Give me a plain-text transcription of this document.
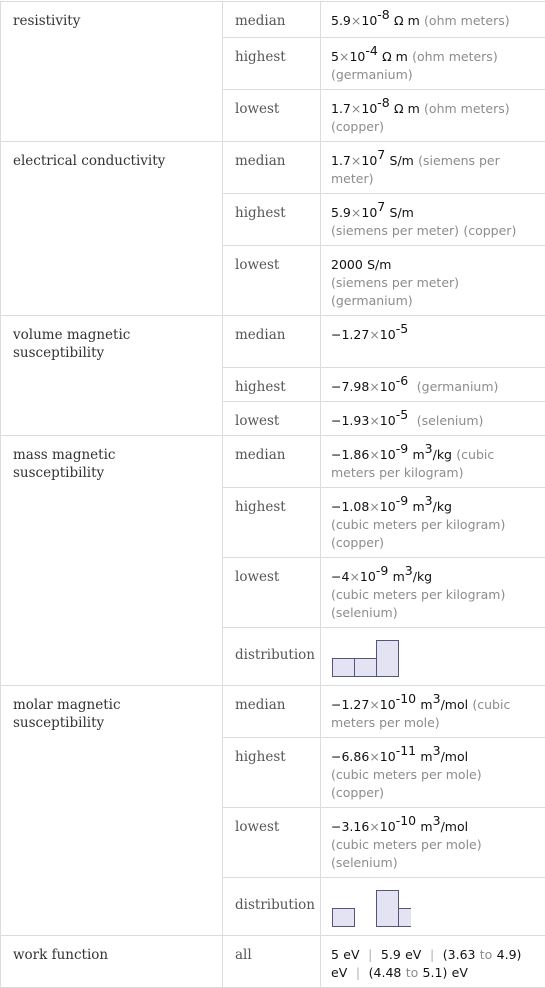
resistivity	median	$5.9\times 10^{-8}$ Ω m (ohm meters)
	highest	$5\times 10^{-4}$ Ω m (ohm meters) (germanium)
	lowest	$1.7\times 10^{-8}$ Ω m (ohm meters) (copper)
electrical conductivity	median	$1.7\times 10^7$ S/m (siemens per meter)
	highest	$5.9\times 10^7$ S/m
(siemens per meter) (copper)
	lowest	2000 S/m
(siemens per meter) (germanium)
volume magnetic susceptibility	median	$-1.27\times 10^{-5}$
	highest	$-7.98\times 10^{-6}$ (germanium)
	lowest	$-1.93\times 10^{-5}$ (selenium)
mass magnetic susceptibility	median	$-1.86\times 10^{-9}$ $m^3/kg$ (cubic meters per kilogram)
	highest	$-1.08\times 10^{-9}$ $m^3/kg$
(cubic meters per kilogram) (copper)
	lowest	$-4\times 10^{-9}$ $m^3/kg$
(cubic meters per kilogram) (selenium)
	distribution	

molar magnetic susceptibility	median	$-1.27\times 10^{-10}$ $m^3$/mol (cubic meters per mole)
	highest	$-6.86\times 10^{-11}$ $m^3$/mol
(cubic meters per mole) (copper)
	lowest	$-3.16\times 10^{-10}$ $m^3$/mol
(cubic meters per mole) (selenium)
	distribution	

work function	all	5 eV | 5.9 eV | (3.63 to 4.9) eV | (4.48 to 5.1) eV
